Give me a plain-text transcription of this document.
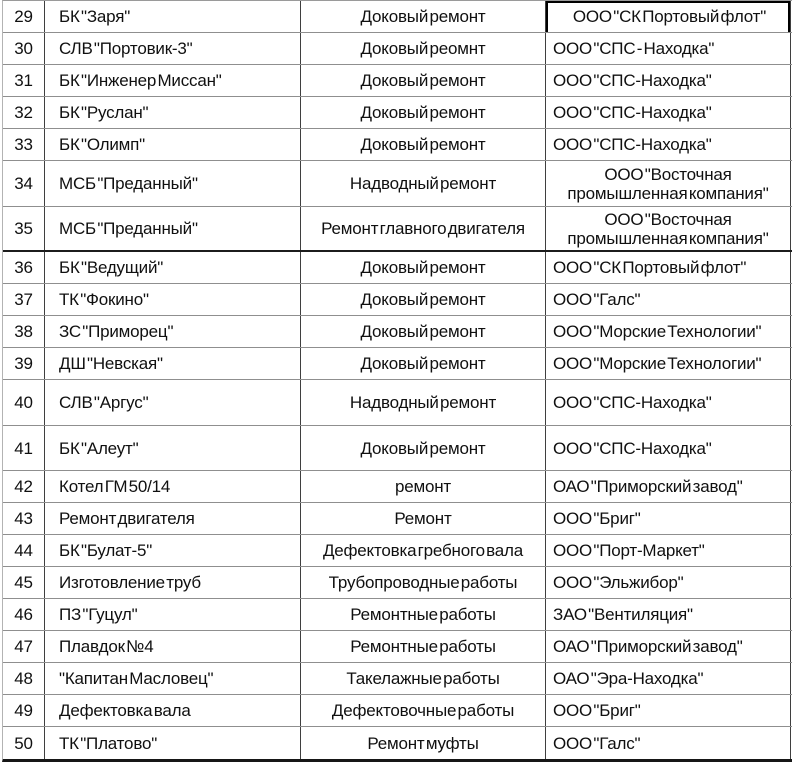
29	БК "Заря"	Доковый ремонт	ООО "СК Портовый флот"
30	СЛВ "Портовик-3"	Доковый реомнт	ООО "СПС - Находка"
31	БК "Инженер Миссан"	Доковый ремонт	ООО "СПС-Находка"
32	БК "Руслан"	Доковый ремонт	ООО "СПС-Находка"
33	БК "Олимп"	Доковый ремонт	ООО "СПС-Находка"
34	МСБ "Преданный"	Надводный ремонт	ООО "Восточная промышленная компания"
35	МСБ "Преданный"	Ремонт главного двигателя	ООО "Восточная промышленная компания"
36	БК "Ведущий"	Доковый ремонт	ООО "СК Портовый флот"
37	ТК "Фокино"	Доковый ремонт	ООО "Галс"
38	ЗС "Приморец"	Доковый ремонт	ООО "Морские Технологии"
39	ДШ "Невская"	Доковый ремонт	ООО "Морские Технологии"
40	СЛВ "Аргус"	Надводный ремонт	ООО "СПС-Находка"
41	БК "Алеут"	Доковый ремонт	ООО "СПС-Находка"
42	Котел ГМ 50/14	ремонт	ОАО "Приморский завод"
43	Ремонт двигателя	Ремонт	ООО "Бриг"
44	БК "Булат-5"	Дефектовка гребного вала	ООО "Порт-Маркет"
45	Изготовление труб	Трубопроводные работы	ООО "Эльжибор"
46	ПЗ "Гуцул"	Ремонтные работы	ЗАО "Вентиляция"
47	Плавдок №4	Ремонтные работы	ОАО "Приморский завод"
48	"Капитан Масловец"	Такелажные работы	ОАО "Эра-Находка"
49	Дефектовка вала	Дефектовочные работы	ООО "Бриг"
50	ТК "Платово"	Ремонт муфты	ООО "Галс"
